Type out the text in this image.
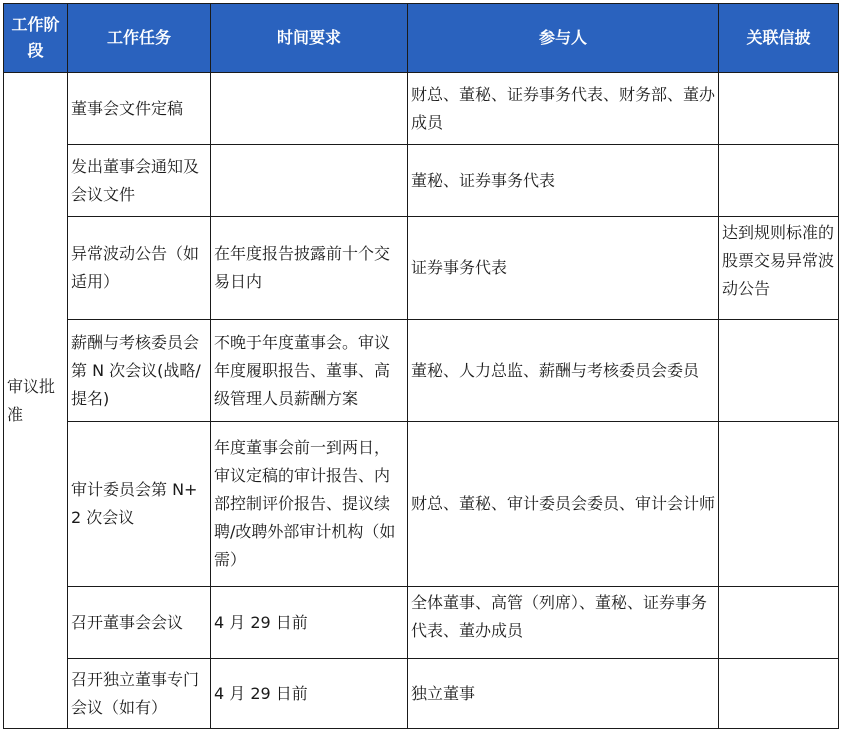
工作阶段	工作任务	时间要求	参与人	关联信披
审议批准	董事会文件定稿		财总、董秘、证券事务代表、财务部、董办成员	
	发出董事会通知及会议文件		董秘、证券事务代表	
	异常波动公告（如适用）	在年度报告披露前十个交易日内	证券事务代表	达到规则标准的股票交易异常波动公告
	薪酬与考核委员会第 N 次会议(战略/提名)	不晚于年度董事会。审议年度履职报告、董事、高级管理人员薪酬方案	董秘、人力总监、薪酬与考核委员会委员	
	审计委员会第 N+2 次会议	年度董事会前一到两日，审议定稿的审计报告、内部控制评价报告、提议续聘/改聘外部审计机构（如需）	财总、董秘、审计委员会委员、审计会计师	
	召开董事会会议	4 月 29 日前	全体董事、高管（列席）、董秘、证券事务代表、董办成员	
	召开独立董事专门会议（如有）	4 月 29 日前	独立董事	
